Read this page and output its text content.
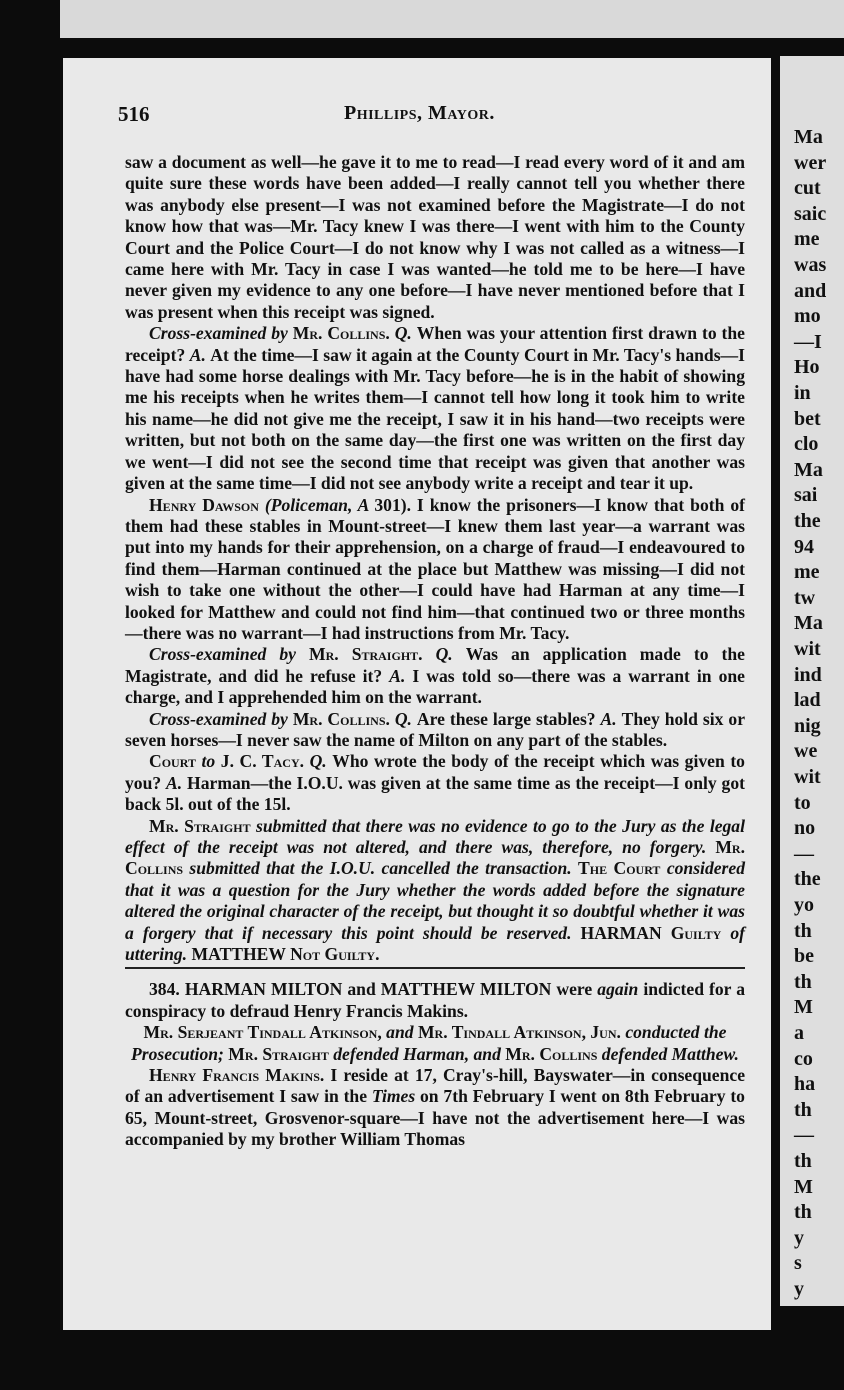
516	Phillips, Mayor.

saw a document as well—he gave it to me to read—I read every word of it and am quite sure these words have been added—I really cannot tell you whether there was anybody else present—I was not examined before the Magistrate—I do not know how that was—Mr. Tacy knew I was there—I went with him to the County Court and the Police Court—I do not know why I was not called as a witness—I came here with Mr. Tacy in case I was wanted—he told me to be here—I have never given my evidence to any one before—I have never mentioned before that I was present when this receipt was signed.

Cross-examined by Mr. Collins. Q. When was your attention first drawn to the receipt? A. At the time—I saw it again at the County Court in Mr. Tacy's hands—I have had some horse dealings with Mr. Tacy before—he is in the habit of showing me his receipts when he writes them—I cannot tell how long it took him to write his name—he did not give me the receipt, I saw it in his hand—two receipts were written, but not both on the same day—the first one was written on the first day we went—I did not see the second time that receipt was given that another was given at the same time—I did not see anybody write a receipt and tear it up.

Henry Dawson (Policeman, A 301). I know the prisoners—I know that both of them had these stables in Mount-street—I knew them last year—a warrant was put into my hands for their apprehension, on a charge of fraud—I endeavoured to find them—Harman continued at the place but Matthew was missing—I did not wish to take one without the other—I could have had Harman at any time—I looked for Matthew and could not find him—that continued two or three months—there was no warrant—I had instructions from Mr. Tacy.

Cross-examined by Mr. Straight. Q. Was an application made to the Magistrate, and did he refuse it? A. I was told so—there was a warrant in one charge, and I apprehended him on the warrant.

Cross-examined by Mr. Collins. Q. Are these large stables? A. They hold six or seven horses—I never saw the name of Milton on any part of the stables.

Court to J. C. Tacy. Q. Who wrote the body of the receipt which was given to you? A. Harman—the I.O.U. was given at the same time as the receipt—I only got back 5l. out of the 15l.

Mr. Straight submitted that there was no evidence to go to the Jury as the legal effect of the receipt was not altered, and there was, therefore, no forgery. Mr. Collins submitted that the I.O.U. cancelled the transaction. The Court considered that it was a question for the Jury whether the words added before the signature altered the original character of the receipt, but thought it so doubtful whether it was a forgery that if necessary this point should be reserved. HARMAN Guilty of uttering. MATTHEW Not Guilty.

384. HARMAN MILTON and MATTHEW MILTON were again indicted for a conspiracy to defraud Henry Francis Makins.

Mr. Serjeant Tindall Atkinson, and Mr. Tindall Atkinson, Jun. conducted the Prosecution; Mr. Straight defended Harman, and Mr. Collins defended Matthew.

Henry Francis Makins. I reside at 17, Cray's-hill, Bayswater—in consequence of an advertisement I saw in the Times on 7th February I went on 8th February to 65, Mount-street, Grosvenor-square—I have not the advertisement here—I was accompanied by my brother William Thomas

Ma
wer
cut
saic
me
was
and
mo
—I
Ho
in
bet
clo
Ma
sai
the
94
me
tw
Ma
wit
ind
lad
nig
we
wit
to
no
—
the
yo
th
be
th
M
a
co
ha
th
—
th
M
th
y
s
y
